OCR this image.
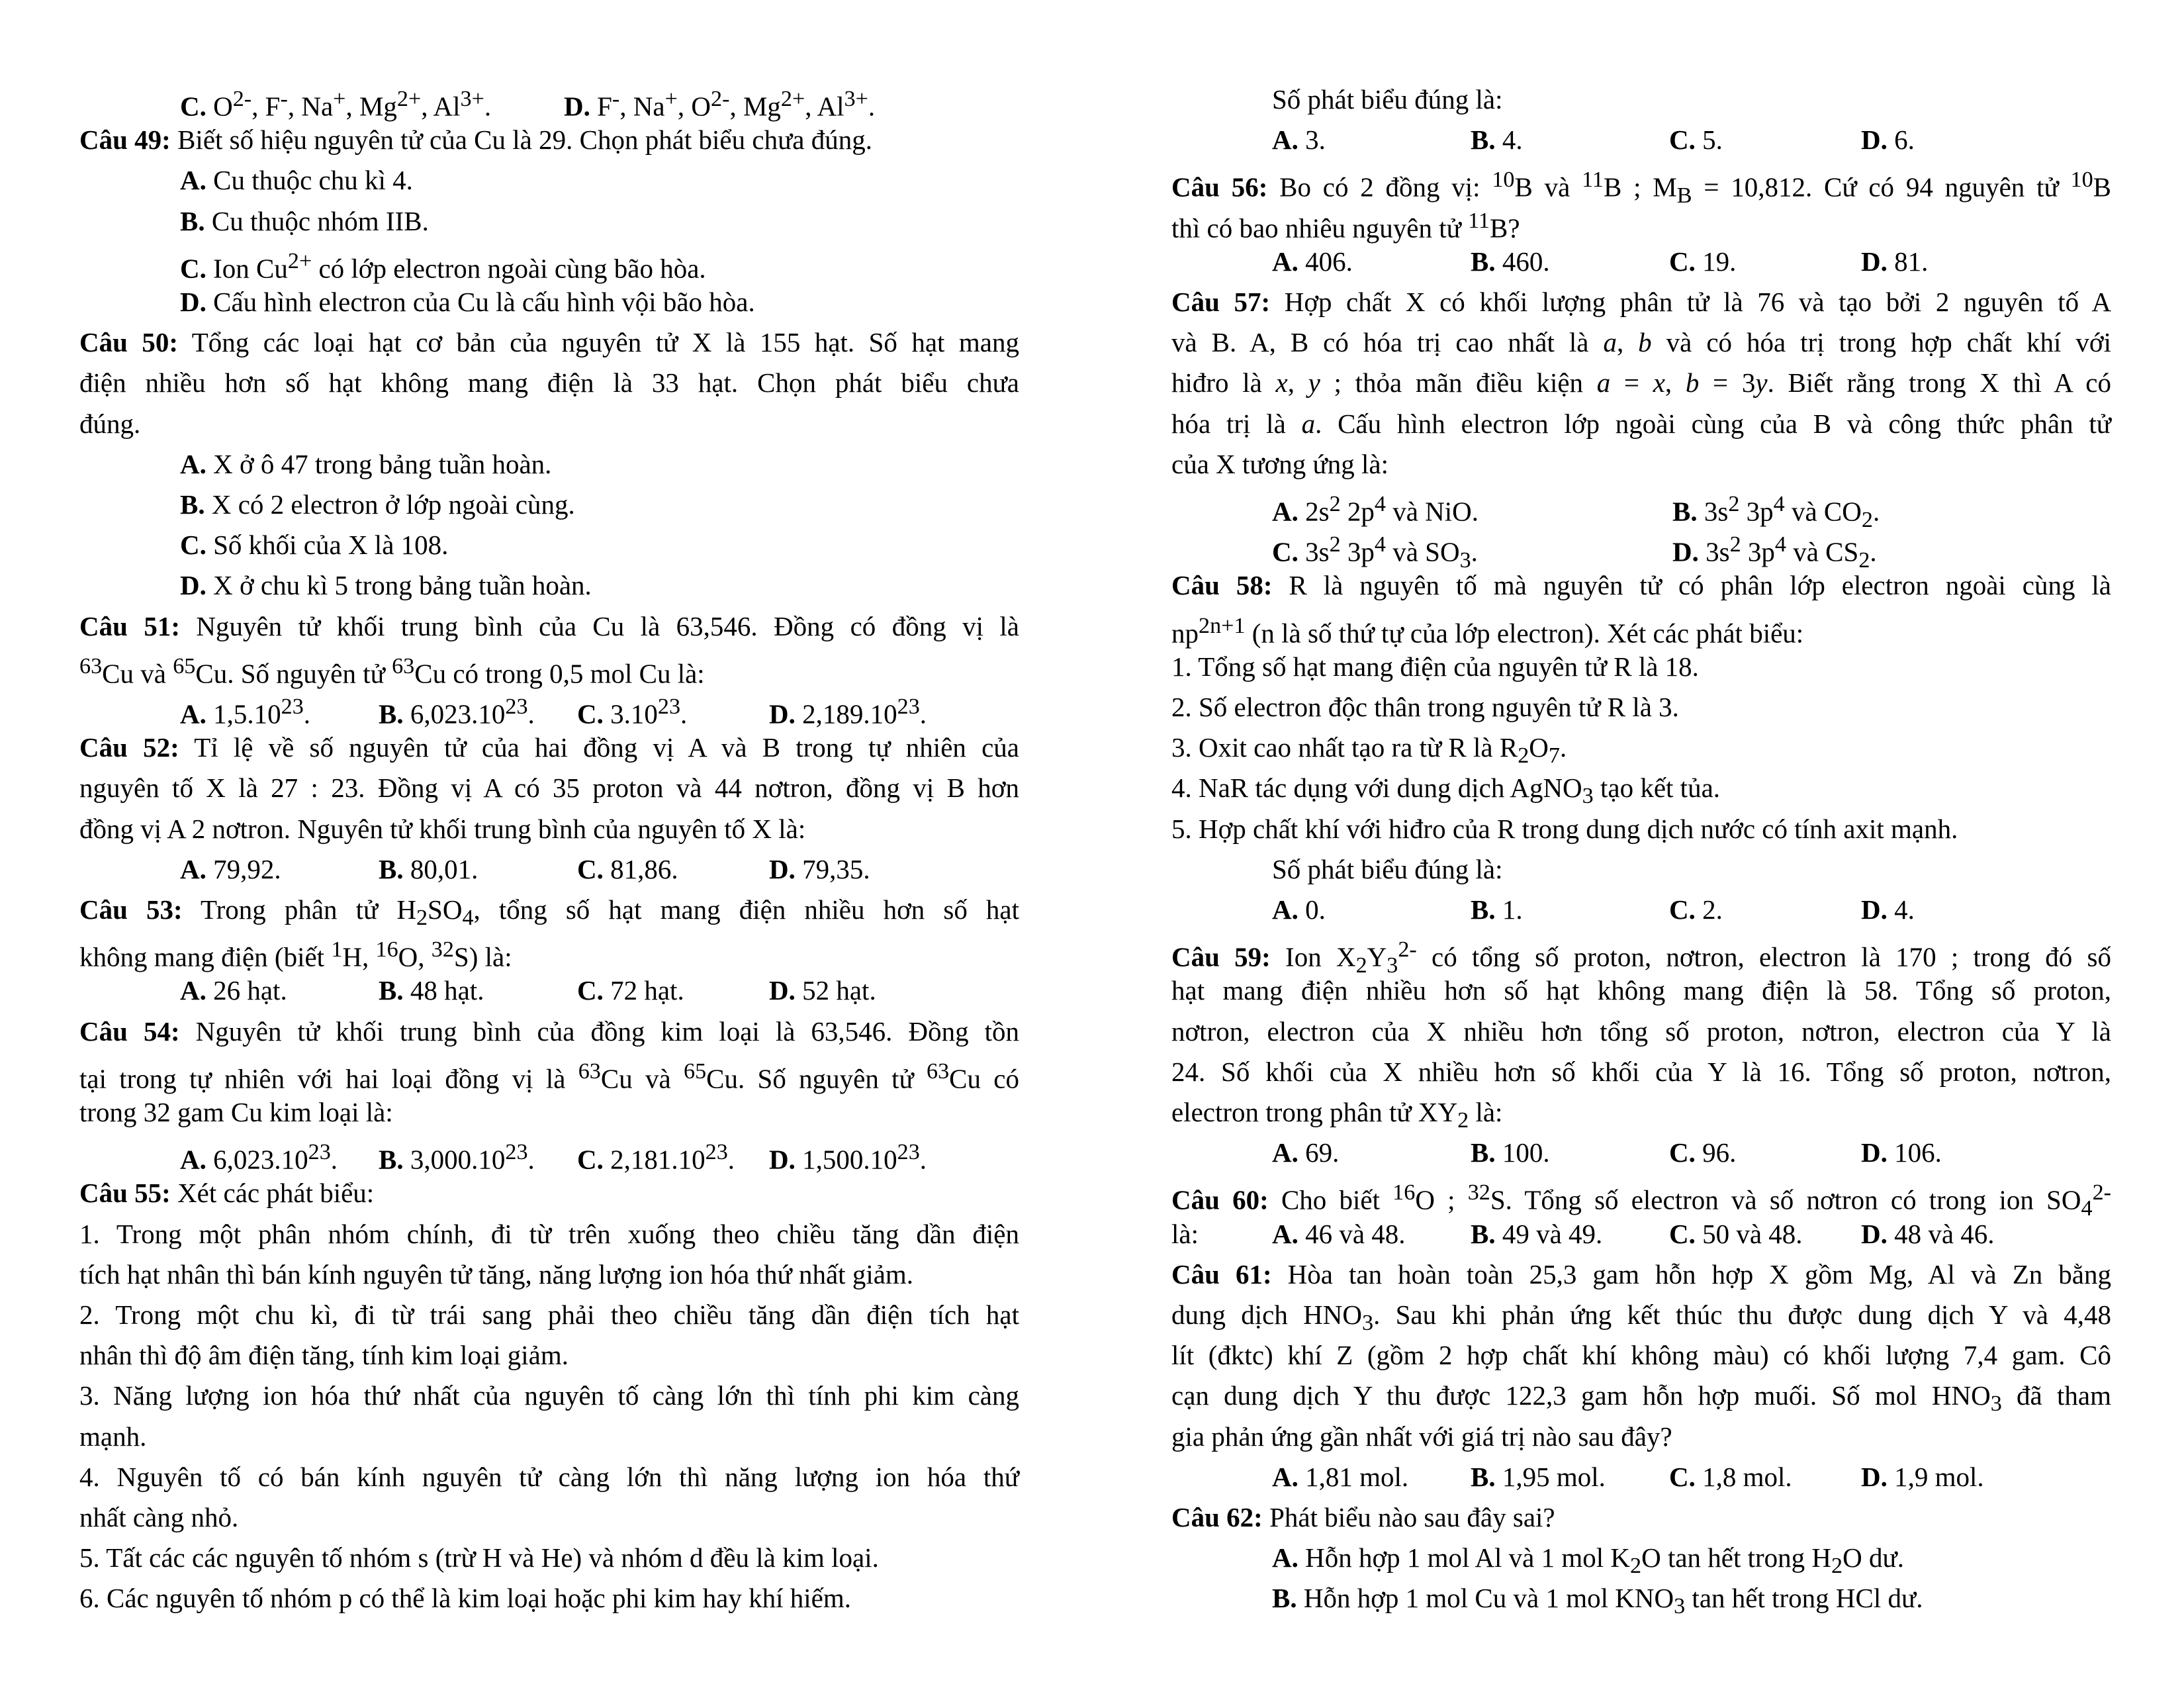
C. $O^{2-}$, F-, Na+, $Mg^{2+}$, $Al^{3+}$.	D. F-, Na+, $O^{2-}$, $Mg^{2+}$, $Al^{3+}$.
Câu 49: Biết số hiệu nguyên tử của Cu là 29. Chọn phát biểu chưa đúng.
A. Cu thuộc chu kì 4.
B. Cu thuộc nhóm IIB.
C. Ion $Cu^{2+}$ có lớp electron ngoài cùng bão hòa.
D. Cấu hình electron của Cu là cấu hình vội bão hòa.
Câu 50: Tổng các loại hạt cơ bản của nguyên tử X là 155 hạt. Số hạt mang
điện nhiều hơn số hạt không mang điện là 33 hạt. Chọn phát biểu chưa
đúng.
A. X ở ô 47 trong bảng tuần hoàn.
B. X có 2 electron ở lớp ngoài cùng.
C. Số khối của X là 108.
D. X ở chu kì 5 trong bảng tuần hoàn.
Câu 51: Nguyên tử khối trung bình của Cu là 63,546. Đồng có đồng vị là
$^{63}$Cu và $^{65}$Cu. Số nguyên tử $^{63}$Cu có trong 0,5 mol Cu là:
A. 1,5.10$^{23}$.	B. 6,023.10$^{23}$. C. 3.10$^{23}$.	D. 2,189.10$^{23}$.
Câu 52: Tỉ lệ về số nguyên tử của hai đồng vị A và B trong tự nhiên của
nguyên tố X là 27 : 23. Đồng vị A có 35 proton và 44 nơtron, đồng vị B hơn
đồng vị A 2 nơtron. Nguyên tử khối trung bình của nguyên tố X là:
A. 79,92.	B. 80,01.	C. 81,86.	D. 79,35.
Câu 53: Trong phân tử $H_2SO_4$, tổng số hạt mang điện nhiều hơn số hạt
không mang điện (biết $^1$H, $^{16}$O, $^{32}$S) là:
A. 26 hạt.	B. 48 hạt.	C. 72 hạt.	D. 52 hạt.
Câu 54: Nguyên tử khối trung bình của đồng kim loại là 63,546. Đồng tồn
tại trong tự nhiên với hai loại đồng vị là $^{63}$Cu và $^{65}$Cu. Số nguyên tử $^{63}$Cu có
trong 32 gam Cu kim loại là:
A. 6,023.10$^{23}$. B. 3,000.10$^{23}$. C. 2,181.10$^{23}$. D. 1,500.10$^{23}$.
Câu 55: Xét các phát biểu:
1. Trong một phân nhóm chính, đi từ trên xuống theo chiều tăng dần điện
tích hạt nhân thì bán kính nguyên tử tăng, năng lượng ion hóa thứ nhất giảm.
2. Trong một chu kì, đi từ trái sang phải theo chiều tăng dần điện tích hạt
nhân thì độ âm điện tăng, tính kim loại giảm.
3. Năng lượng ion hóa thứ nhất của nguyên tố càng lớn thì tính phi kim càng
mạnh.
4. Nguyên tố có bán kính nguyên tử càng lớn thì năng lượng ion hóa thứ
nhất càng nhỏ.
5. Tất các các nguyên tố nhóm s (trừ H và He) và nhóm d đều là kim loại.
6. Các nguyên tố nhóm p có thể là kim loại hoặc phi kim hay khí hiếm.
Số phát biểu đúng là:
A. 3.	B. 4.	C. 5.	D. 6.
Câu 56: Bo có 2 đồng vị: $^{10}$B và $^{11}$B ; $M_B = 10,812$. Cứ có 94 nguyên tử $^{10}$B
thì có bao nhiêu nguyên tử $^{11}$B?
A. 406.	B. 460.	C. 19.	D. 81.
Câu 57: Hợp chất X có khối lượng phân tử là 76 và tạo bởi 2 nguyên tố A
và B. A, B có hóa trị cao nhất là a, b và có hóa trị trong hợp chất khí với
hiđro là x, y ; thỏa mãn điều kiện a = x, b = 3y. Biết rằng trong X thì A có
hóa trị là a. Cấu hình electron lớp ngoài cùng của B và công thức phân tử
của X tương ứng là:
A. $2s^2$ $2p^4$ và NiO.	B. $3s^2$ $3p^4$ và $CO_2$.
C. $3s^2$ $3p^4$ và $SO_3$.	D. $3s^2$ $3p^4$ và $CS_2$.
Câu 58: R là nguyên tố mà nguyên tử có phân lớp electron ngoài cùng là
$np^{2n+1}$ (n là số thứ tự của lớp electron). Xét các phát biểu:
1. Tổng số hạt mang điện của nguyên tử R là 18.
2. Số electron độc thân trong nguyên tử R là 3.
3. Oxit cao nhất tạo ra từ R là $R_2O_7$.
4. NaR tác dụng với dung dịch AgNO$_3$ tạo kết tủa.
5. Hợp chất khí với hiđro của R trong dung dịch nước có tính axit mạnh.
Số phát biểu đúng là:
A. 0.	B. 1.	C. 2.	D. 4.
Câu 59: Ion $X_2Y_3^{2-}$ có tổng số proton, nơtron, electron là 170 ; trong đó số
hạt mang điện nhiều hơn số hạt không mang điện là 58. Tổng số proton,
nơtron, electron của X nhiều hơn tổng số proton, nơtron, electron của Y là
24. Số khối của X nhiều hơn số khối của Y là 16. Tổng số proton, nơtron,
electron trong phân tử $XY_2$ là:
A. 69.	B. 100.	C. 96.	D. 106.
Câu 60: Cho biết $^{16}$O ; $^{32}$S. Tổng số electron và số nơtron có trong ion $SO_4^{2-}$
là:	A. 46 và 48. B. 49 và 49. C. 50 và 48. D. 48 và 46.
Câu 61: Hòa tan hoàn toàn 25,3 gam hỗn hợp X gồm Mg, Al và Zn bằng
dung dịch $HNO_3$. Sau khi phản ứng kết thúc thu được dung dịch Y và 4,48
lít (đktc) khí Z (gồm 2 hợp chất khí không màu) có khối lượng 7,4 gam. Cô
cạn dung dịch Y thu được 122,3 gam hỗn hợp muối. Số mol $HNO_3$ đã tham
gia phản ứng gần nhất với giá trị nào sau đây?
A. 1,81 mol. B. 1,95 mol. C. 1,8 mol.	D. 1,9 mol.
Câu 62: Phát biểu nào sau đây sai?
A. Hỗn hợp 1 mol Al và 1 mol $K_2O$ tan hết trong $H_2O$ dư.
B. Hỗn hợp 1 mol Cu và 1 mol $KNO_3$ tan hết trong HCl dư.
